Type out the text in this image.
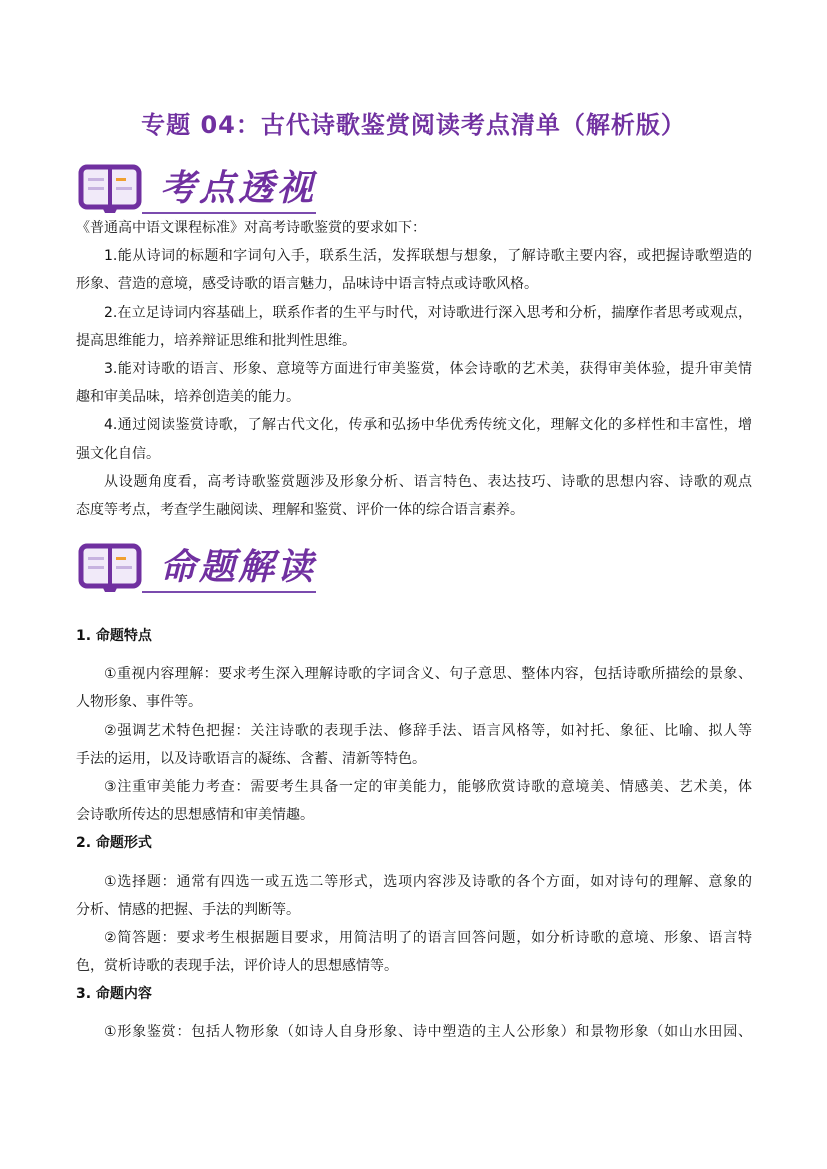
专题 04：古代诗歌鉴赏阅读考点清单（解析版）
考点透视
《普通高中语文课程标准》对高考诗歌鉴赏的要求如下：
1.能从诗词的标题和字词句入手，联系生活，发挥联想与想象，了解诗歌主要内容，或把握诗歌塑造的
形象、营造的意境，感受诗歌的语言魅力，品味诗中语言特点或诗歌风格。
2.在立足诗词内容基础上，联系作者的生平与时代，对诗歌进行深入思考和分析，揣摩作者思考或观点，
提高思维能力，培养辩证思维和批判性思维。
3.能对诗歌的语言、形象、意境等方面进行审美鉴赏，体会诗歌的艺术美，获得审美体验，提升审美情
趣和审美品味，培养创造美的能力。
4.通过阅读鉴赏诗歌，了解古代文化，传承和弘扬中华优秀传统文化，理解文化的多样性和丰富性，增
强文化自信。
从设题角度看，高考诗歌鉴赏题涉及形象分析、语言特色、表达技巧、诗歌的思想内容、诗歌的观点
态度等考点，考查学生融阅读、理解和鉴赏、评价一体的综合语言素养。
命题解读
1. 命题特点
①重视内容理解：要求考生深入理解诗歌的字词含义、句子意思、整体内容，包括诗歌所描绘的景象、
人物形象、事件等。
②强调艺术特色把握：关注诗歌的表现手法、修辞手法、语言风格等，如衬托、象征、比喻、拟人等
手法的运用，以及诗歌语言的凝练、含蓄、清新等特色。
③注重审美能力考查：需要考生具备一定的审美能力，能够欣赏诗歌的意境美、情感美、艺术美，体
会诗歌所传达的思想感情和审美情趣。
2. 命题形式
①选择题：通常有四选一或五选二等形式，选项内容涉及诗歌的各个方面，如对诗句的理解、意象的
分析、情感的把握、手法的判断等。
②简答题：要求考生根据题目要求，用简洁明了的语言回答问题，如分析诗歌的意境、形象、语言特
色，赏析诗歌的表现手法，评价诗人的思想感情等。
3. 命题内容
①形象鉴赏：包括人物形象（如诗人自身形象、诗中塑造的主人公形象）和景物形象（如山水田园、
